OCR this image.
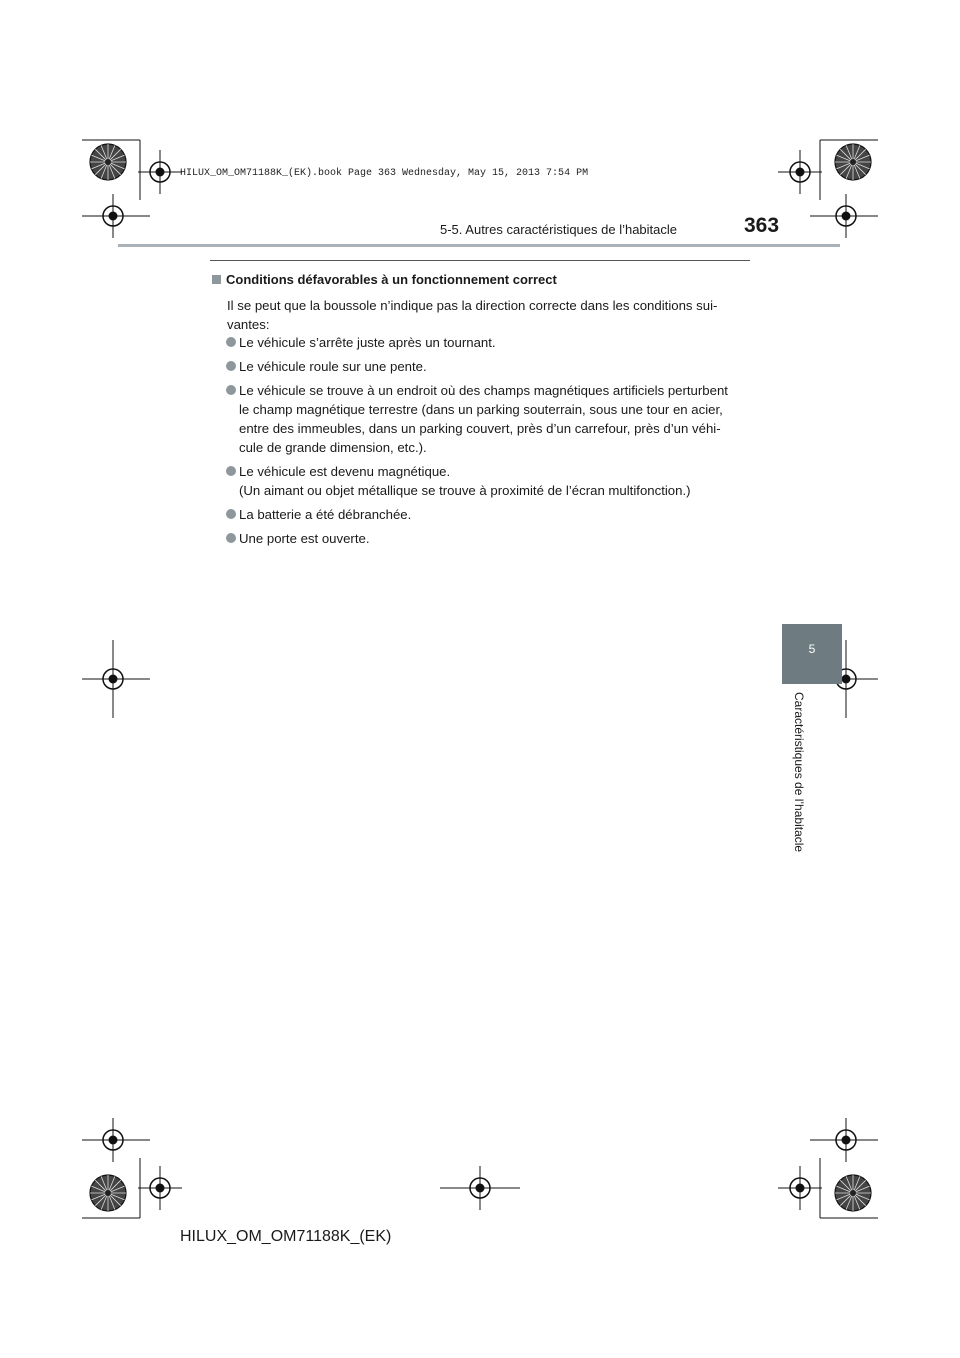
HILUX_OM_OM71188K_(EK).book Page 363 Wednesday, May 15, 2013 7:54 PM
5-5. Autres caractéristiques de l’habitacle	363
Conditions défavorables à un fonctionnement correct
Il se peut que la boussole n’indique pas la direction correcte dans les conditions sui-
vantes:
Le véhicule s’arrête juste après un tournant.
Le véhicule roule sur une pente.
Le véhicule se trouve à un endroit où des champs magnétiques artificiels perturbent
le champ magnétique terrestre (dans un parking souterrain, sous une tour en acier,
entre des immeubles, dans un parking couvert, près d’un carrefour, près d’un véhi-
cule de grande dimension, etc.).
Le véhicule est devenu magnétique.
(Un aimant ou objet métallique se trouve à proximité de l’écran multifonction.)
La batterie a été débranchée.
Une porte est ouverte.
5
Caractéristiques de l’habitacle
HILUX_OM_OM71188K_(EK)
